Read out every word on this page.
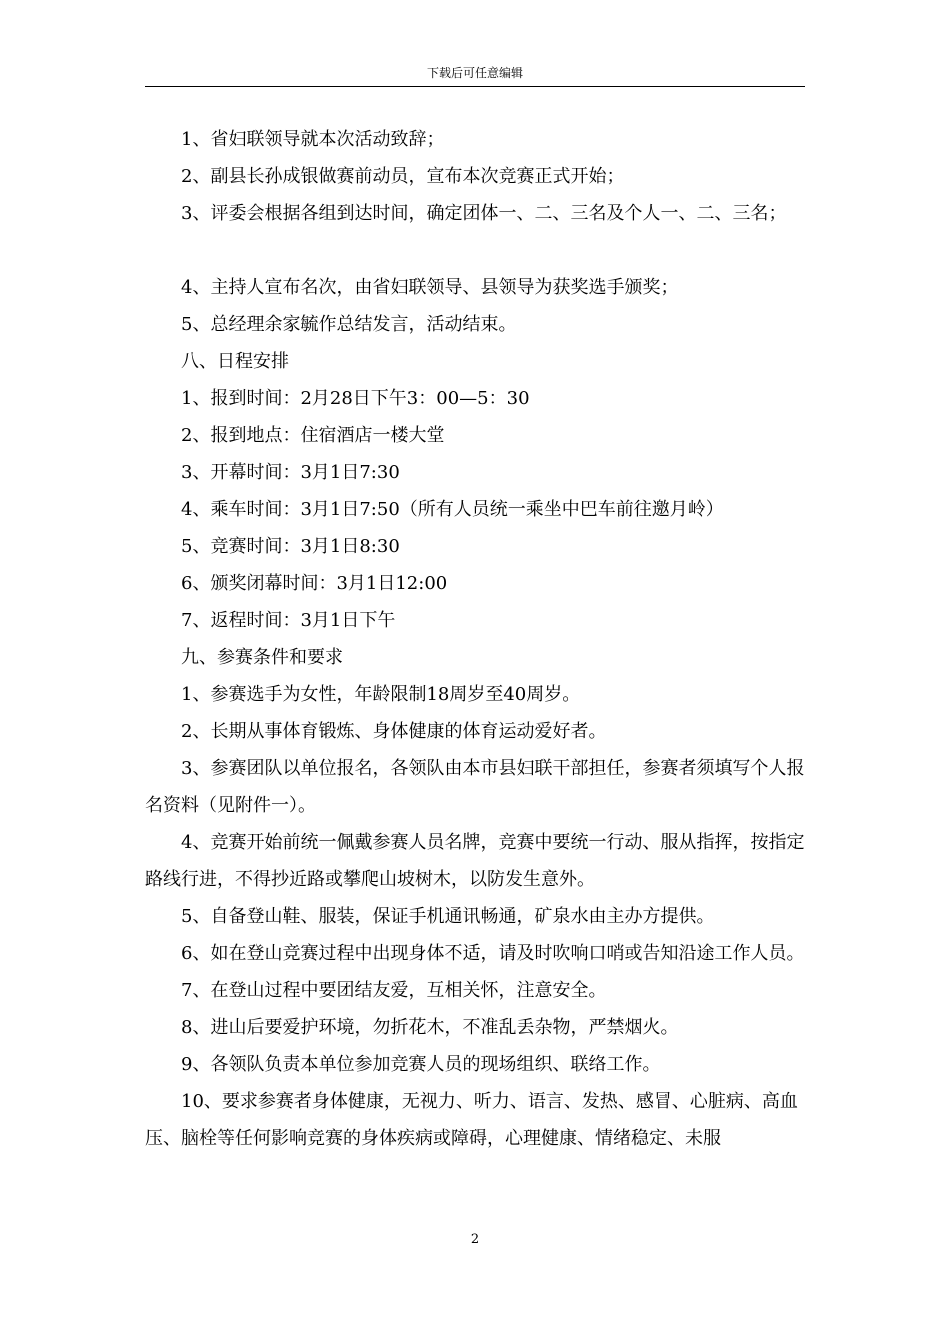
下载后可任意编辑
1、省妇联领导就本次活动致辞；
2、副县长孙成银做赛前动员，宣布本次竞赛正式开始；
3、评委会根据各组到达时间，确定团体一、二、三名及个人一、二、三名；
4、主持人宣布名次，由省妇联领导、县领导为获奖选手颁奖；
5、总经理余家毓作总结发言，活动结束。
八、日程安排
1、报到时间：2月28日下午3：00—5：30
2、报到地点：住宿酒店一楼大堂
3、开幕时间：3月1日7:30
4、乘车时间：3月1日7:50（所有人员统一乘坐中巴车前往邀月岭）
5、竞赛时间：3月1日8:30
6、颁奖闭幕时间：3月1日12:00
7、返程时间：3月1日下午
九、参赛条件和要求
1、参赛选手为女性，年龄限制18周岁至40周岁。
2、长期从事体育锻炼、身体健康的体育运动爱好者。
3、参赛团队以单位报名，各领队由本市县妇联干部担任，参赛者须填写个人报名资料（见附件一）。
4、竞赛开始前统一佩戴参赛人员名牌，竞赛中要统一行动、服从指挥，按指定路线行进，不得抄近路或攀爬山坡树木，以防发生意外。
5、自备登山鞋、服装，保证手机通讯畅通，矿泉水由主办方提供。
6、如在登山竞赛过程中出现身体不适，请及时吹响口哨或告知沿途工作人员。
7、在登山过程中要团结友爱，互相关怀，注意安全。
8、进山后要爱护环境，勿折花木，不准乱丢杂物，严禁烟火。
9、各领队负责本单位参加竞赛人员的现场组织、联络工作。
10、要求参赛者身体健康，无视力、听力、语言、发热、感冒、心脏病、高血压、脑栓等任何影响竞赛的身体疾病或障碍，心理健康、情绪稳定、未服
2
